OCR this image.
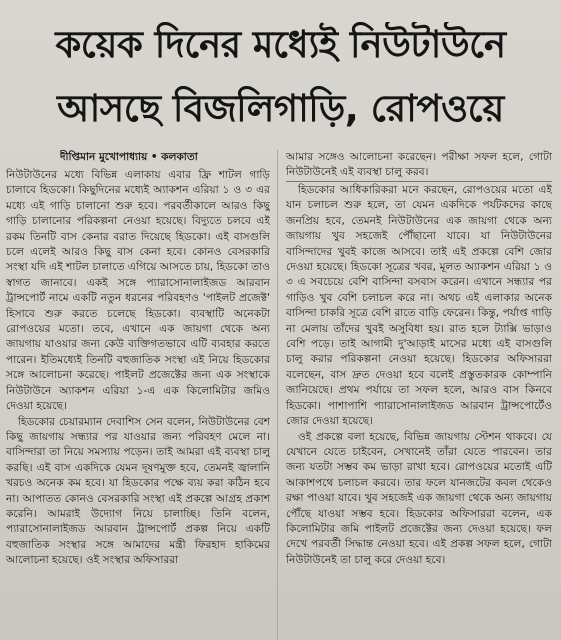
কয়েক দিনের মধ্যেই নিউটাউনে
আসছে বিজলিগাড়ি, রোপওয়ে
দীপ্তিমান মুখোপাধ্যায় • কলকাতা

নিউটাউনের মধ্যে বিভিন্ন এলাকায় এবার ফ্রি শাটল গাড়ি চালাবে হিডকো। কিছুদিনের মধ্যেই অ্যাকশন এরিয়া ১ ও ৩ এর মধ্যে এই গাড়ি চালানো শুরু হবে। পরবর্তীকালে আরও কিছু গাড়ি চালানোর পরিকল্পনা নেওয়া হয়েছে। বিদ্যুতে চলবে এই রকম তিনটি বাস কেনার বরাত দিয়েছে হিডকো। এই বাসগুলি চলে এলেই আরও কিছু বাস কেনা হবে। কোনও বেসরকারি সংস্থা যদি এই শাটল চালাতে এগিয়ে আসতে চায়, হিডকো তাও স্বাগত জানাবে। একই সঙ্গে প্যারাসোনালাইজড আরবান ট্রান্সপোর্ট নামে একটি নতুন ধরনের পরিবহণও 'পাইলট প্রজেক্ট' হিসাবে শুরু করতে চলেছে হিডকো। ব্যবস্থাটি অনেকটা রোপওয়ের মতো। তবে, এখানে এক জায়গা থেকে অন্য জায়গায় যাওয়ার জন্য কেউ ব্যক্তিগতভাবে এটি ব্যবহার করতে পারেন। ইতিমধ্যেই তিনটি বহুজাতিক সংস্থা এই নিয়ে হিডকোর সঙ্গে আলোচনা করেছে। পাইলট প্রজেক্টের জন্য এক সংস্থাকে নিউটাউনে অ্যাকশন এরিয়া ১-এ এক কিলোমিটার জমিও দেওয়া হয়েছে।

হিডকোর চেয়ারম্যান দেবাশিস সেন বলেন, নিউটাউনের বেশ কিছু জায়গায় সন্ধ্যার পর যাওয়ার জন্য পরিবহণ মেলে না। বাসিন্দারা তা নিয়ে সমস্যায় পড়েন। তাই আমরা এই ব্যবস্থা চালু করছি। এই বাস একদিকে যেমন দূষণমুক্ত হবে, তেমনই জ্বালানি খরচও অনেক কম হবে। যা হিডকোর পক্ষে ব্যয় করা কঠিন হবে না। আপাতত কোনও বেসরকারি সংস্থা এই প্রকল্পে আগ্রহ প্রকাশ করেনি। আমরাই উদ্যোগ নিয়ে চালাচ্ছি। তিনি বলেন, প্যারাসোনালাইজড আরবান ট্রান্সপোর্ট প্রকল্প নিয়ে একটি বহুজাতিক সংস্থার সঙ্গে আমাদের মন্ত্রী ফিরহাদ হাকিমের আলোচনা হয়েছে। ওই সংস্থার অফিসাররা

আমার সঙ্গেও আলোচনা করেছেন। পরীক্ষা সফল হলে, গোটা নিউটাউনেই এই ব্যবস্থা চালু করব।

হিডকোর আধিকারিকরা মনে করছেন, রোপওয়ের মতো এই যান চলাচল শুরু হলে, তা যেমন একদিকে পর্যটকদের কাছে জনপ্রিয় হবে, তেমনই নিউটাউনের এক জায়গা থেকে অন্য জায়গায় খুব সহজেই পৌঁছানো যাবে। যা নিউটাউনের বাসিন্দাদের খুবই কাজে আসবে। তাই এই প্রকল্পে বেশি জোর দেওয়া হয়েছে। হিডকো সূত্রের খবর, মূলত অ্যাকশন এরিয়া ১ ও ৩ এ সবচেয়ে বেশি বাসিন্দা বসবাস করেন। এখানে সন্ধ্যার পর গাড়িও খুব বেশি চলাচল করে না। অথচ এই এলাকার অনেক বাসিন্দা চাকরি সূত্রে বেশি রাতে বাড়ি ফেরেন। কিন্তু, পর্যাপ্ত গাড়ি না মেলায় তাঁদের খুবই অসুবিধা হয়। রাত হলে ট্যাক্সি ভাড়াও বেশি পড়ে। তাই আগামী দু'আড়াই মাসের মধ্যে এই বাসগুলি চালু করার পরিকল্পনা নেওয়া হয়েছে। হিডকোর অফিসাররা বলেছেন, বাস দ্রুত দেওয়া হবে বলেই প্রস্তুতকারক কোম্পানি জানিয়েছে। প্রথম পর্যায়ে তা সফল হলে, আরও বাস কিনবে হিডকো। পাশাপাশি প্যারাসোনালাইজড আরবান ট্রান্সপোর্টেও জোর দেওয়া হয়েছে।

ওই প্রকল্পে বলা হয়েছে, বিভিন্ন জায়গায় স্টেশন থাকবে। যে যেখানে যেতে চাইবেন, সেখানেই তাঁরা যেতে পারবেন। তার জন্য যতটা সম্ভব কম ভাড়া রাখা হবে। রোপওয়ের মতোই এটি আকাশপথে চলাচল করবে। তার ফলে যানজটের কবল থেকেও রক্ষা পাওয়া যাবে। খুব সহজেই এক জায়গা থেকে অন্য জায়গায় পৌঁছে যাওয়া সম্ভব হবে। হিডকোর অফিসাররা বলেন, এক কিলোমিটার জমি পাইলট প্রজেক্টের জন্য দেওয়া হয়েছে। ফল দেখে পরবর্তী সিদ্ধান্ত নেওয়া হবে। এই প্রকল্প সফল হলে, গোটা নিউটাউনেই তা চালু করে দেওয়া হবে।
